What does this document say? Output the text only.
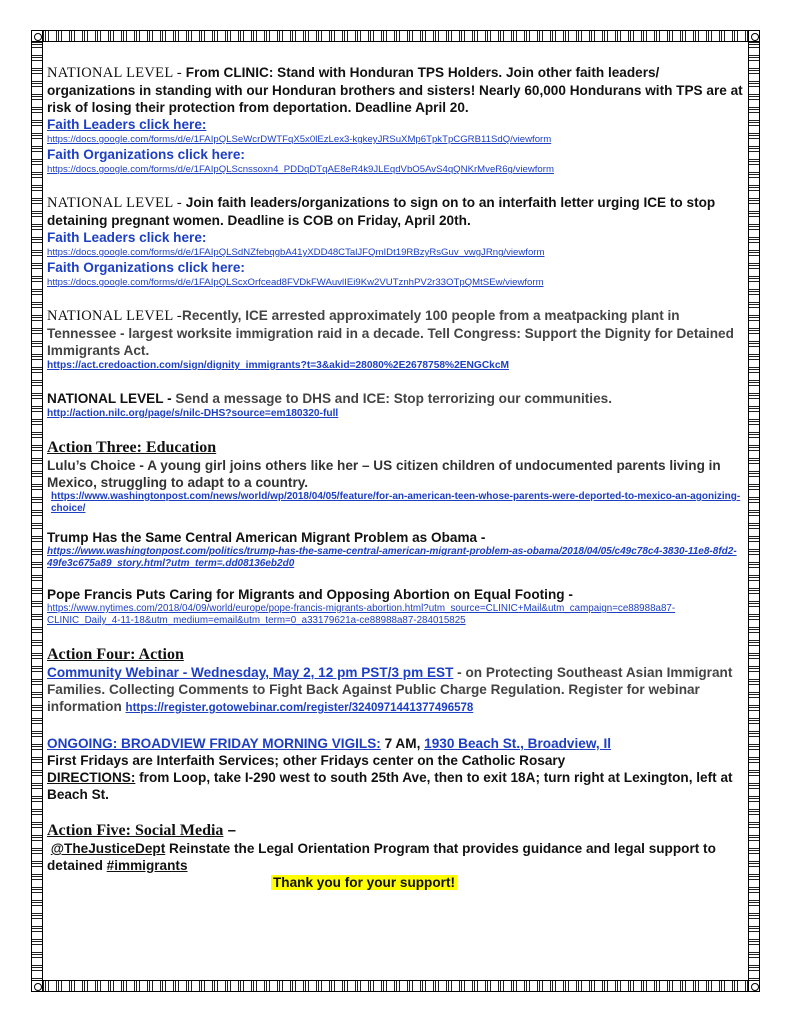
NATIONAL LEVEL - From CLINIC: Stand with Honduran TPS Holders. Join other faith leaders/ organizations in standing with our Honduran brothers and sisters! Nearly 60,000 Hondurans with TPS are at risk of losing their protection from deportation. Deadline April 20.
Faith Leaders click here:
https://docs.google.com/forms/d/e/1FAIpQLSeWcrDWTFqX5x0lEzLex3-kgkeyJRSuXMp6TpkTpCGRB11SdQ/viewform
Faith Organizations click here:
https://docs.google.com/forms/d/e/1FAIpQLScnssoxn4_PDDqDTqAE8eR4k9JLEqdVbO5AvS4qQNKrMveR6g/viewform
NATIONAL LEVEL - Join faith leaders/organizations to sign on to an interfaith letter urging ICE to stop detaining pregnant women. Deadline is COB on Friday, April 20th.
Faith Leaders click here:
https://docs.google.com/forms/d/e/1FAIpQLSdNZfebqgbA41yXDD48CTalJFQmIDt19RBzyRsGuv_vwgJRng/viewform
Faith Organizations click here:
https://docs.google.com/forms/d/e/1FAIpQLScxOrfcead8FVDkFWAuvlIEi9Kw2VUTznhPV2r33OTpQMtSEw/viewform
NATIONAL LEVEL -Recently, ICE arrested approximately 100 people from a meatpacking plant in Tennessee - largest worksite immigration raid in a decade. Tell Congress: Support the Dignity for Detained Immigrants Act.
https://act.credoaction.com/sign/dignity_immigrants?t=3&akid=28080%2E2678758%2ENGCkcM
NATIONAL LEVEL - Send a message to DHS and ICE: Stop terrorizing our communities.
http://action.nilc.org/page/s/nilc-DHS?source=em180320-full
Action Three: Education
Lulu’s Choice - A young girl joins others like her – US citizen children of undocumented parents living in Mexico, struggling to adapt to a country.
https://www.washingtonpost.com/news/world/wp/2018/04/05/feature/for-an-american-teen-whose-parents-were-deported-to-mexico-an-agonizing-choice/
Trump Has the Same Central American Migrant Problem as Obama -
https://www.washingtonpost.com/politics/trump-has-the-same-central-american-migrant-problem-as-obama/2018/04/05/c49c78c4-3830-11e8-8fd2-49fe3c675a89_story.html?utm_term=.dd08136eb2d0
Pope Francis Puts Caring for Migrants and Opposing Abortion on Equal Footing -
https://www.nytimes.com/2018/04/09/world/europe/pope-francis-migrants-abortion.html?utm_source=CLINIC+Mail&utm_campaign=ce88988a87-CLINIC_Daily_4-11-18&utm_medium=email&utm_term=0_a33179621a-ce88988a87-284015825
Action Four: Action
Community Webinar - Wednesday, May 2, 12 pm PST/3 pm EST - on Protecting Southeast Asian Immigrant Families. Collecting Comments to Fight Back Against Public Charge Regulation. Register for webinar information https://register.gotowebinar.com/register/3240971441377496578
ONGOING: BROADVIEW FRIDAY MORNING VIGILS: 7 AM, 1930 Beach St., Broadview, Il
First Fridays are Interfaith Services; other Fridays center on the Catholic Rosary
DIRECTIONS: from Loop, take I-290 west to south 25th Ave, then to exit 18A; turn right at Lexington, left at Beach St.
Action Five: Social Media –
@TheJusticeDept Reinstate the Legal Orientation Program that provides guidance and legal support to detained #immigrants
Thank you for your support!
